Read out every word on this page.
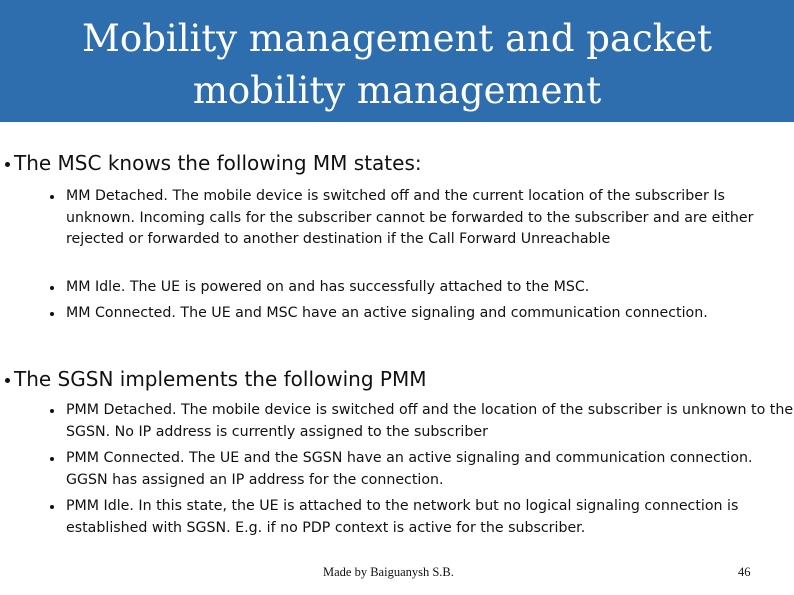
Mobility management and packet
mobility management
The MSC knows the following MM states:
MM Detached. The mobile device is switched off and the current location of the subscriber Is unknown. Incoming calls for the subscriber cannot be forwarded to the subscriber and are either rejected or forwarded to another destination if the Call Forward Unreachable
MM Idle. The UE is powered on and has successfully attached to the MSC.
MM Connected. The UE and MSC have an active signaling and communication connection.
The SGSN implements the following PMM
PMM Detached. The mobile device is switched off and the location of the subscriber is unknown to the SGSN. No IP address is currently assigned to the subscriber
PMM Connected. The UE and the SGSN have an active signaling and communication connection. GGSN has assigned an IP address for the connection.
PMM Idle. In this state, the UE is attached to the network but no logical signaling connection is established with SGSN. E.g. if no PDP context is active for the subscriber.
Made by Baiguanysh S.B.	46
